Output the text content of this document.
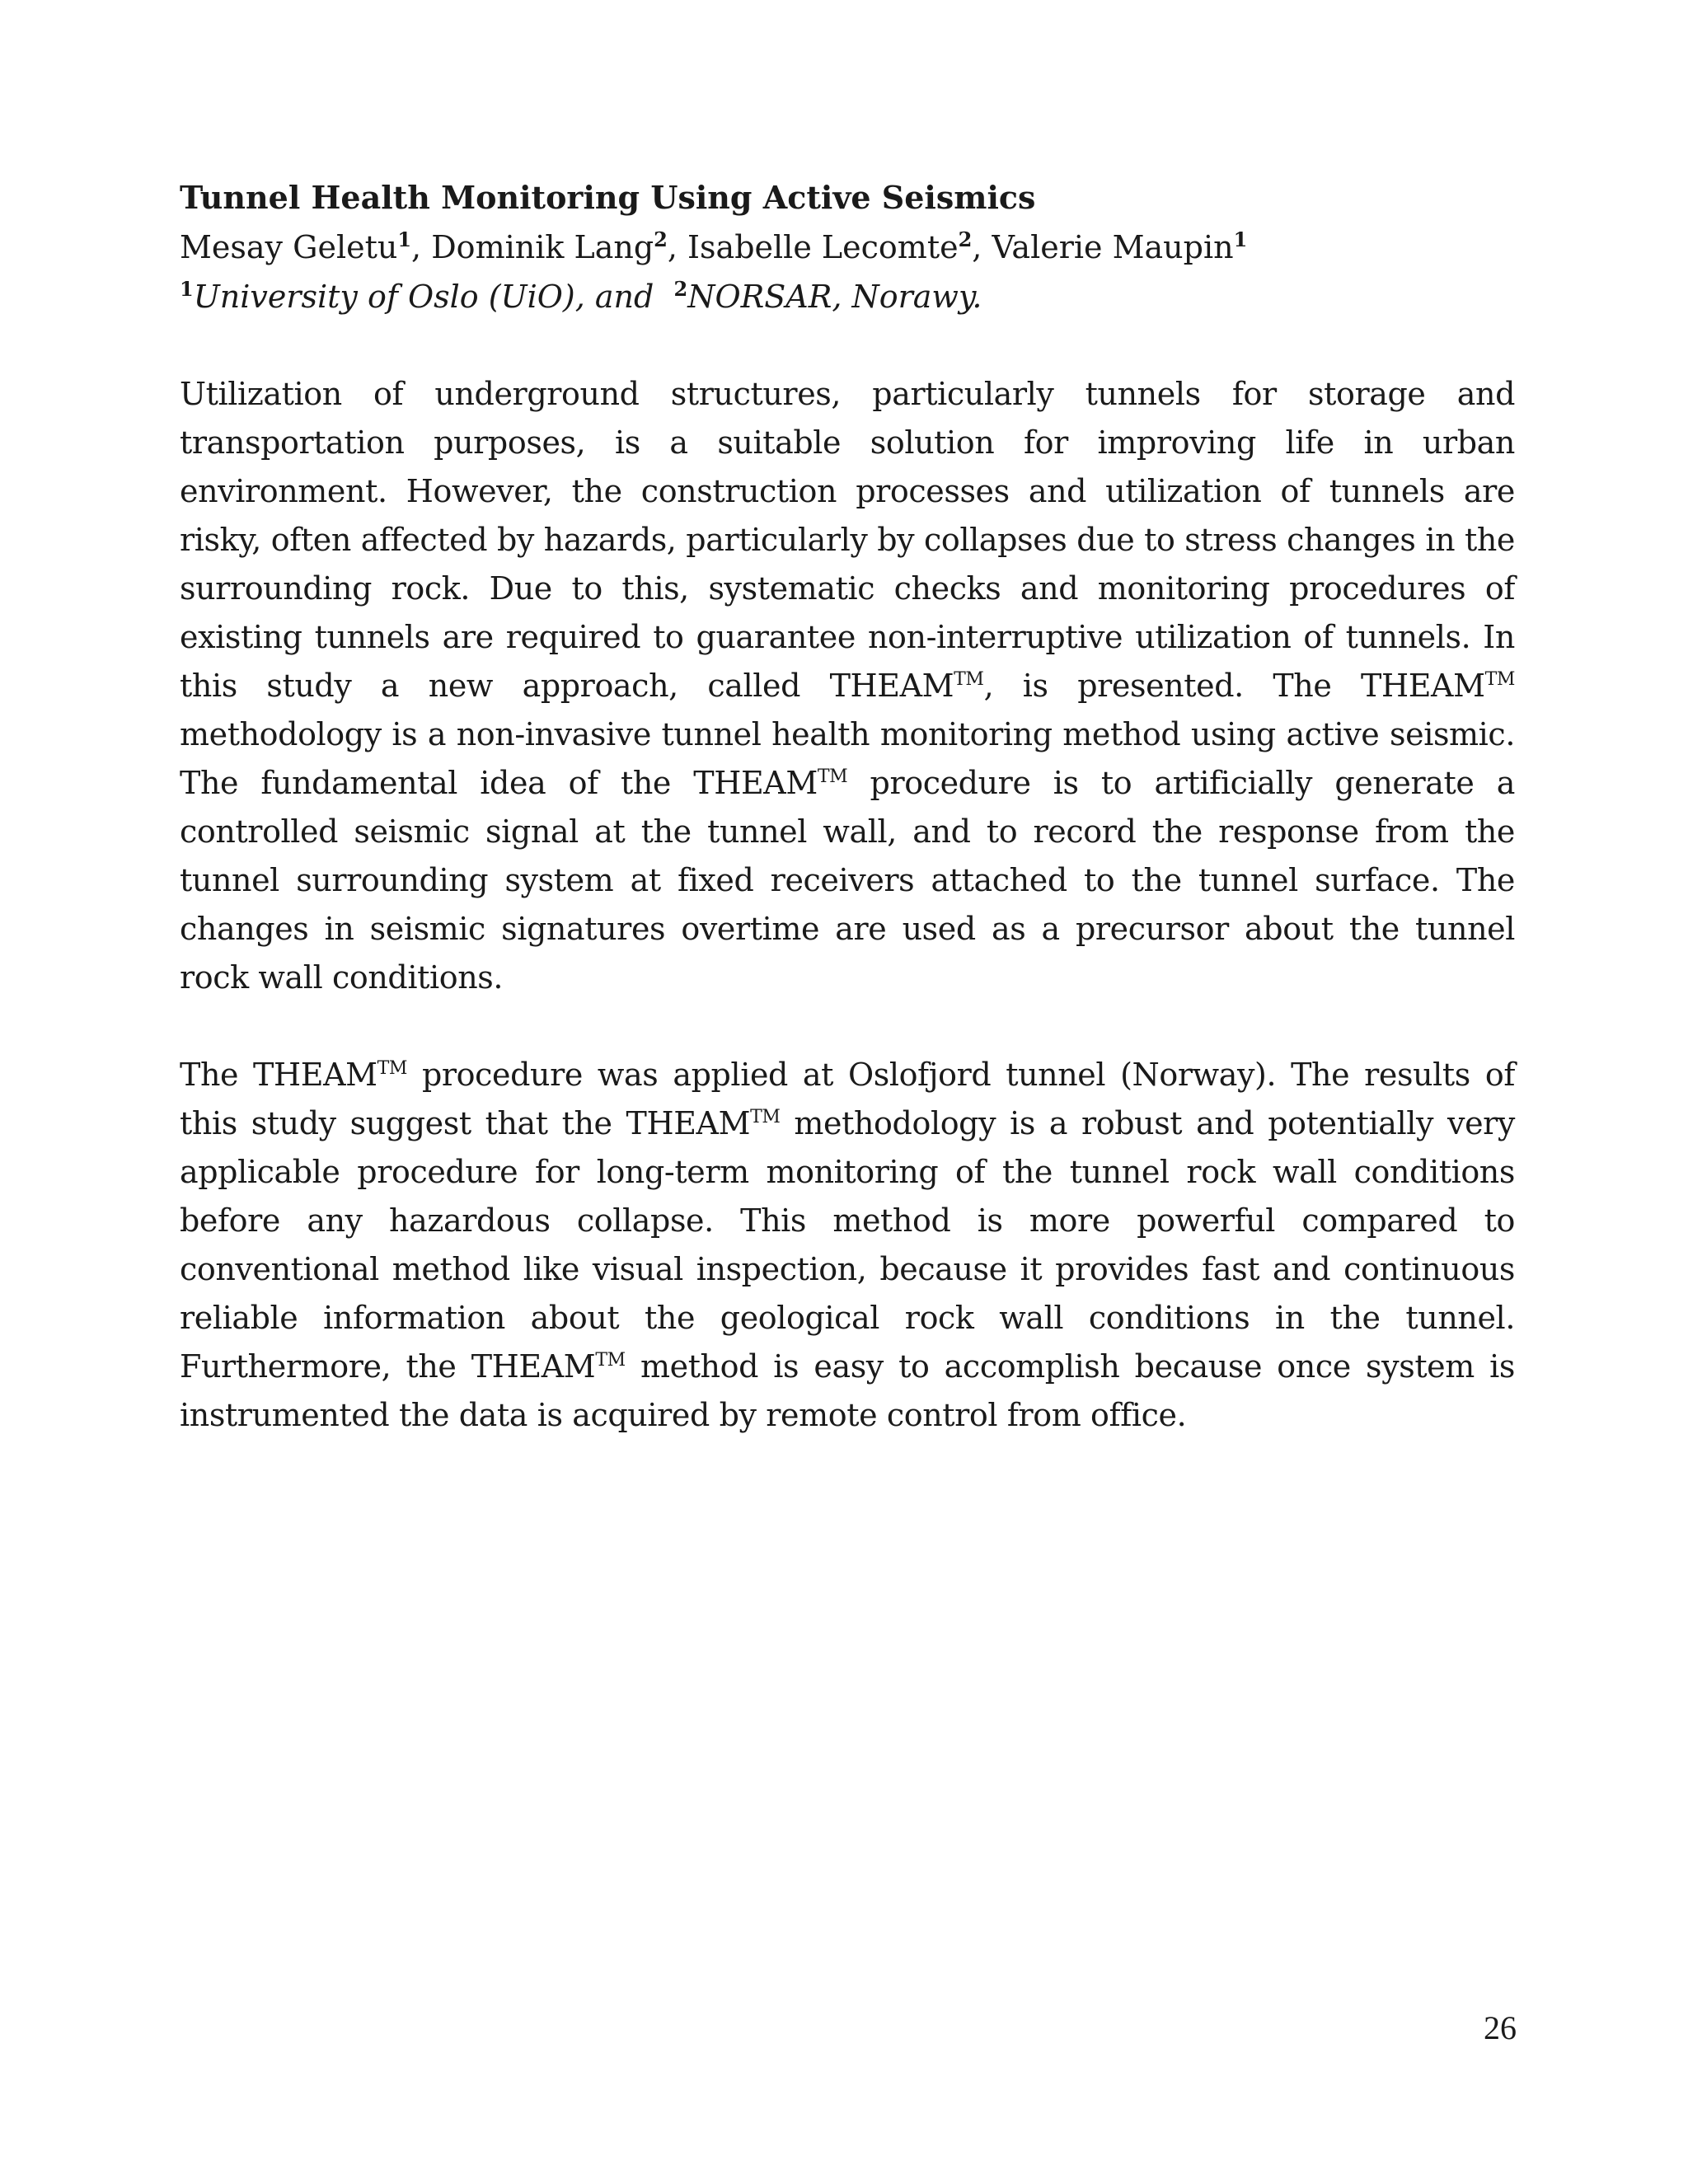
Tunnel Health Monitoring Using Active Seismics

Mesay Geletu$^1$, Dominik Lang$^2$, Isabelle Lecomte$^2$, Valerie Maupin$^1$

$^1$University of Oslo (UiO), and  $^2$NORSAR, Norawy.

Utilization of underground structures, particularly tunnels for storage and transportation purposes, is a suitable solution for improving life in urban environment. However, the construction processes and utilization of tunnels are risky, often affected by hazards, particularly by collapses due to stress changes in the surrounding rock. Due to this, systematic checks and monitoring procedures of existing tunnels are required to guarantee non-interruptive utilization of tunnels. In this study a new approach, called THEAM™, is presented. The THEAM™ methodology is a non-invasive tunnel health monitoring method using active seismic. The fundamental idea of the THEAM™ procedure is to artificially generate a controlled seismic signal at the tunnel wall, and to record the response from the tunnel surrounding system at fixed receivers attached to the tunnel surface. The changes in seismic signatures overtime are used as a precursor about the tunnel rock wall conditions.

The THEAM™ procedure was applied at Oslofjord tunnel (Norway). The results of this study suggest that the THEAM™ methodology is a robust and potentially very applicable procedure for long-term monitoring of the tunnel rock wall conditions before any hazardous collapse. This method is more powerful compared to conventional method like visual inspection, because it provides fast and continuous reliable information about the geological rock wall conditions in the tunnel. Furthermore, the THEAM™ method is easy to accomplish because once system is instrumented the data is acquired by remote control from office.

26
